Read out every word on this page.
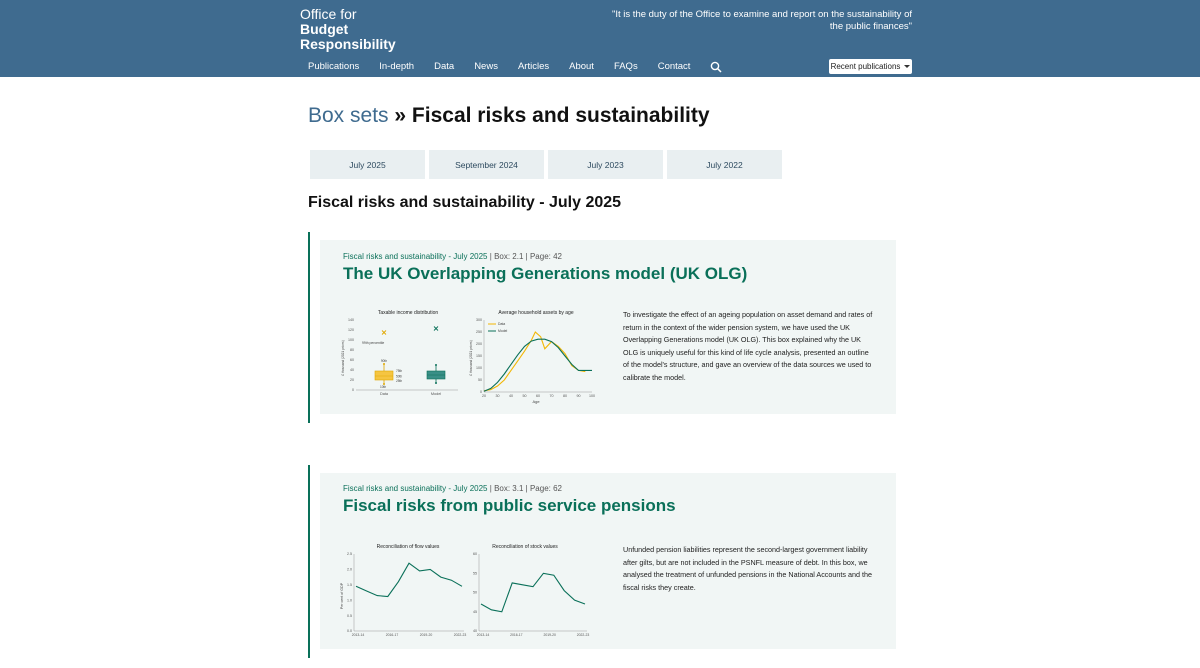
Office for
Budget
Responsibility
"It is the duty of the Office to examine and report on the sustainability of the public finances"
Publications In-depth Data News Articles About FAQs Contact	Recent publications
Box sets » Fiscal risks and sustainability
July 2025	September 2024	July 2023	July 2022
Fiscal risks and sustainability - July 2025
Fiscal risks and sustainability - July 2025 | Box: 2.1 | Page: 42
The UK Overlapping Generations model (UK OLG)
Taxable income distribution
£ thousand (2021 prices)
0
20
40
60
80
100
120
140
Data	Model
99th percentile
90th
75th
50th
25th
10th
Average household assets by age
£ thousand (2021 prices)
Age
0
50
100
150
200
250
300
20	30	40	50	60	70	80	90 100
Data
Model

To investigate the effect of an ageing population on asset demand and rates of return in the context of the wider pension system, we have used the UK Overlapping Generations model (UK OLG). This box explained why the UK OLG is uniquely useful for this kind of life cycle analysis, presented an outline of the model's structure, and gave an overview of the data sources we used to calibrate the model.

Fiscal risks and sustainability - July 2025 | Box: 3.1 | Page: 62
Fiscal risks from public service pensions
Reconciliation of flow values
Per cent of GDP
0.0
0.5
1.0
1.5
2.0
2.5
2013-14	2016-17	2019-20	2022-23
Reconciliation of stock values
40
45
50
55
60
2013-14	2016-17	2019-20	2022-23

Unfunded pension liabilities represent the second-largest government liability after gilts, but are not included in the PSNFL measure of debt. In this box, we analysed the treatment of unfunded pensions in the National Accounts and the fiscal risks they create.
